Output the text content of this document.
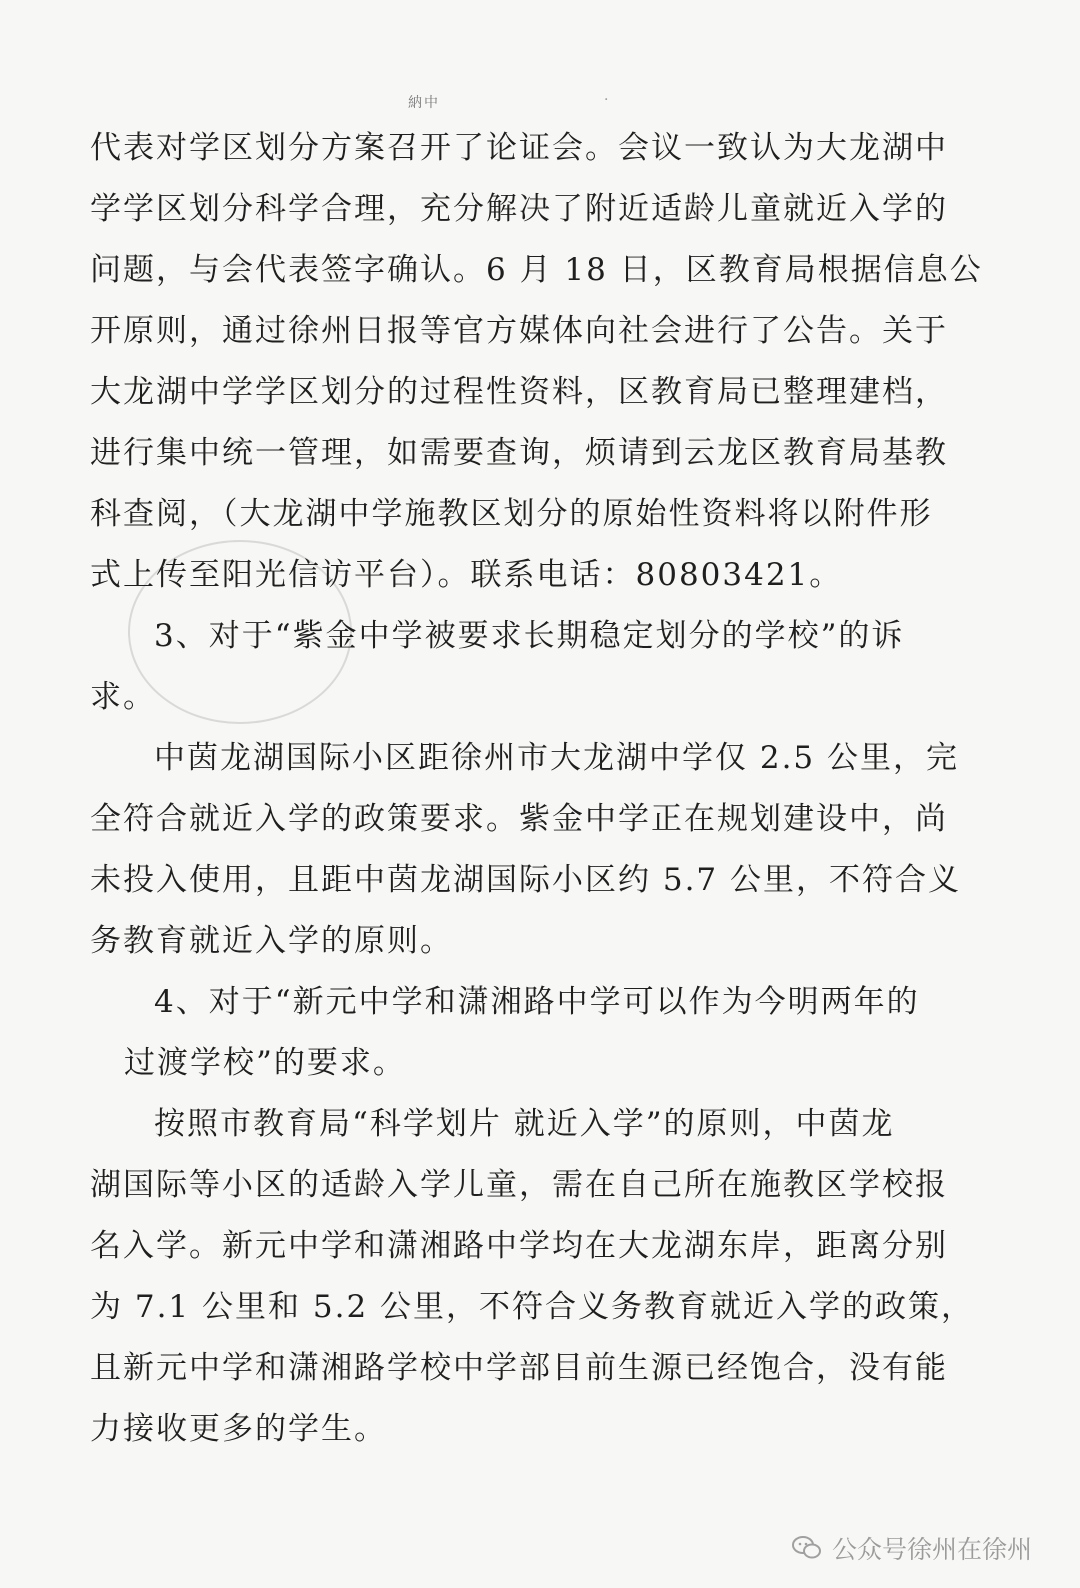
納中	·

代表对学区划分方案召开了论证会。会议一致认为大龙湖中

学学区划分科学合理，充分解决了附近适龄儿童就近入学的

问题，与会代表签字确认。6 月 18 日，区教育局根据信息公

开原则，通过徐州日报等官方媒体向社会进行了公告。关于

大龙湖中学学区划分的过程性资料，区教育局已整理建档，

进行集中统一管理，如需要查询，烦请到云龙区教育局基教

科查阅，（大龙湖中学施教区划分的原始性资料将以附件形

式上传至阳光信访平台）。联系电话：80803421。

3、对于“紫金中学被要求长期稳定划分的学校”的诉

求。

中茵龙湖国际小区距徐州市大龙湖中学仅 2.5 公里，完

全符合就近入学的政策要求。紫金中学正在规划建设中，尚

未投入使用，且距中茵龙湖国际小区约 5.7 公里，不符合义

务教育就近入学的原则。

4、对于“新元中学和潇湘路中学可以作为今明两年的

过渡学校”的要求。

按照市教育局“科学划片 就近入学”的原则，中茵龙

湖国际等小区的适龄入学儿童，需在自己所在施教区学校报

名入学。新元中学和潇湘路中学均在大龙湖东岸，距离分别

为 7.1 公里和 5.2 公里，不符合义务教育就近入学的政策，

且新元中学和潇湘路学校中学部目前生源已经饱合，没有能

力接收更多的学生。

公众号徐州在徐州
